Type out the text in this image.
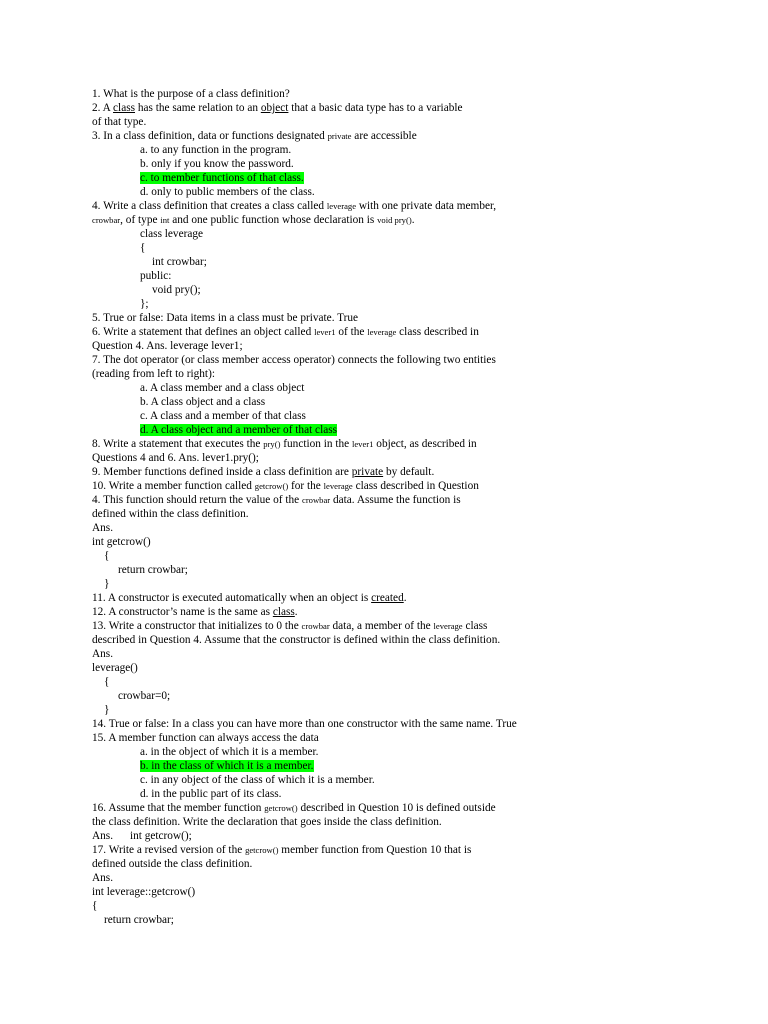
1. What is the purpose of a class definition?
2. A class has the same relation to an object that a basic data type has to a variable
of that type.
3. In a class definition, data or functions designated private are accessible
a. to any function in the program.
b. only if you know the password.
c. to member functions of that class.
d. only to public members of the class.
4. Write a class definition that creates a class called leverage with one private data member,
crowbar, of type int and one public function whose declaration is void pry().
class leverage
{
int crowbar;
public:
void pry();
};
5. True or false: Data items in a class must be private. True
6. Write a statement that defines an object called lever1 of the leverage class described in
Question 4. Ans. leverage lever1;
7. The dot operator (or class member access operator) connects the following two entities
(reading from left to right):
a. A class member and a class object
b. A class object and a class
c. A class and a member of that class
d. A class object and a member of that class
8. Write a statement that executes the pry() function in the lever1 object, as described in
Questions 4 and 6. Ans. lever1.pry();
9. Member functions defined inside a class definition are private by default.
10. Write a member function called getcrow() for the leverage class described in Question
4. This function should return the value of the crowbar data. Assume the function is
defined within the class definition.
Ans.
int getcrow()
{
return crowbar;
}
11. A constructor is executed automatically when an object is created.
12. A constructor’s name is the same as class.
13. Write a constructor that initializes to 0 the crowbar data, a member of the leverage class
described in Question 4. Assume that the constructor is defined within the class definition.
Ans.
leverage()
{
crowbar=0;
}
14. True or false: In a class you can have more than one constructor with the same name. True
15. A member function can always access the data
a. in the object of which it is a member.
b. in the class of which it is a member.
c. in any object of the class of which it is a member.
d. in the public part of its class.
16. Assume that the member function getcrow() described in Question 10 is defined outside
the class definition. Write the declaration that goes inside the class definition.
Ans.      int getcrow();
17. Write a revised version of the getcrow() member function from Question 10 that is
defined outside the class definition.
Ans.
int leverage::getcrow()
{
return crowbar;
